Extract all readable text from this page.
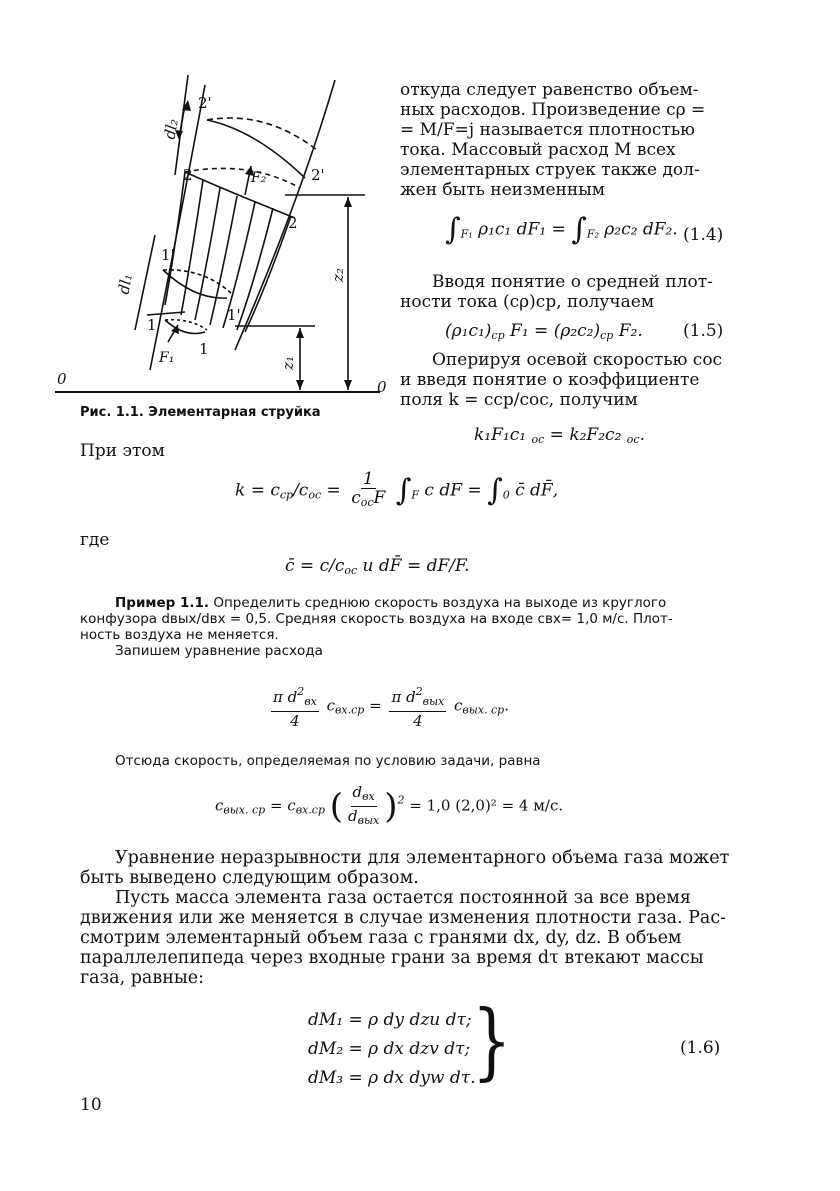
2'
dl₂
2	2'
2
F₂
1'
dl₁
1
1'
1
F₁	z₁
z₂
0	0
Рис. 1.1. Элементарная струйка
откуда следует равенство объем-
ных расходов. Произведение cρ =
= M/F=j называется плотностью
тока. Массовый расход M всех
элементарных струек также дол-
жен быть неизменным
$\int_{F_1}$ ρ₁c₁ $dF_1 = \int_{F_2}$ ρ₂c₂ dF₂. (1.4)
Вводя понятие о средней плот-
ности тока (cρ)ср, получаем
$(\rho_1c_1)_{ср}$ $F_1 = (\rho_2c_2)_{ср}$ F₂. (1.5)
Оперируя осевой скоростью cос
и введя понятие о коэффициенте
поля k = cср/cос, получим
k₁F₁c₁ $_{ос}$ = k₂F₂c₂ $_{ос}$.
При этом
$k = c_{ср}/c_{ос} = \frac{1}{c_{ос}F} \int_F$ c dF = $\int_0$ c̄ dF̄,
где
c̄ = $c/c_{ос}$ и dF̄ = dF/F.
Пример 1.1. Определить среднюю скорость воздуха на выходе из круглого
конфузора dвых/dвх = 0,5. Средняя скорость воздуха на входе cвх= 1,0 м/с. Плот-
ность воздуха не меняется.
Запишем уравнение расхода
$\frac{\pi d^2_{вх}}{4} c_{вх.ср} = \frac{\pi d^2_{вых}}{4} c_{вых. ср}$.
Отсюда скорость, определяемая по условию задачи, равна
$c_{вых. ср} = c_{вх.ср}$ ( $\frac{d_{вх}}{d_{вых}} )^2 = 1,0$ (2,0)² = 4 м/с.
Уравнение неразрывности для элементарного объема газа может
быть выведено следующим образом.
Пусть масса элемента газа остается постоянной за все время
движения или же меняется в случае изменения плотности газа. Рас-
смотрим элементарный объем газа с гранями dx, dy, dz. В объем
параллелепипеда через входные грани за время dτ втекают массы
газа, равные:
dM₁ = ρ dy dzu dτ;
dM₂ = ρ dx dzv dτ;
dM₃ = ρ dx dyw dτ.
}	(1.6)
10
